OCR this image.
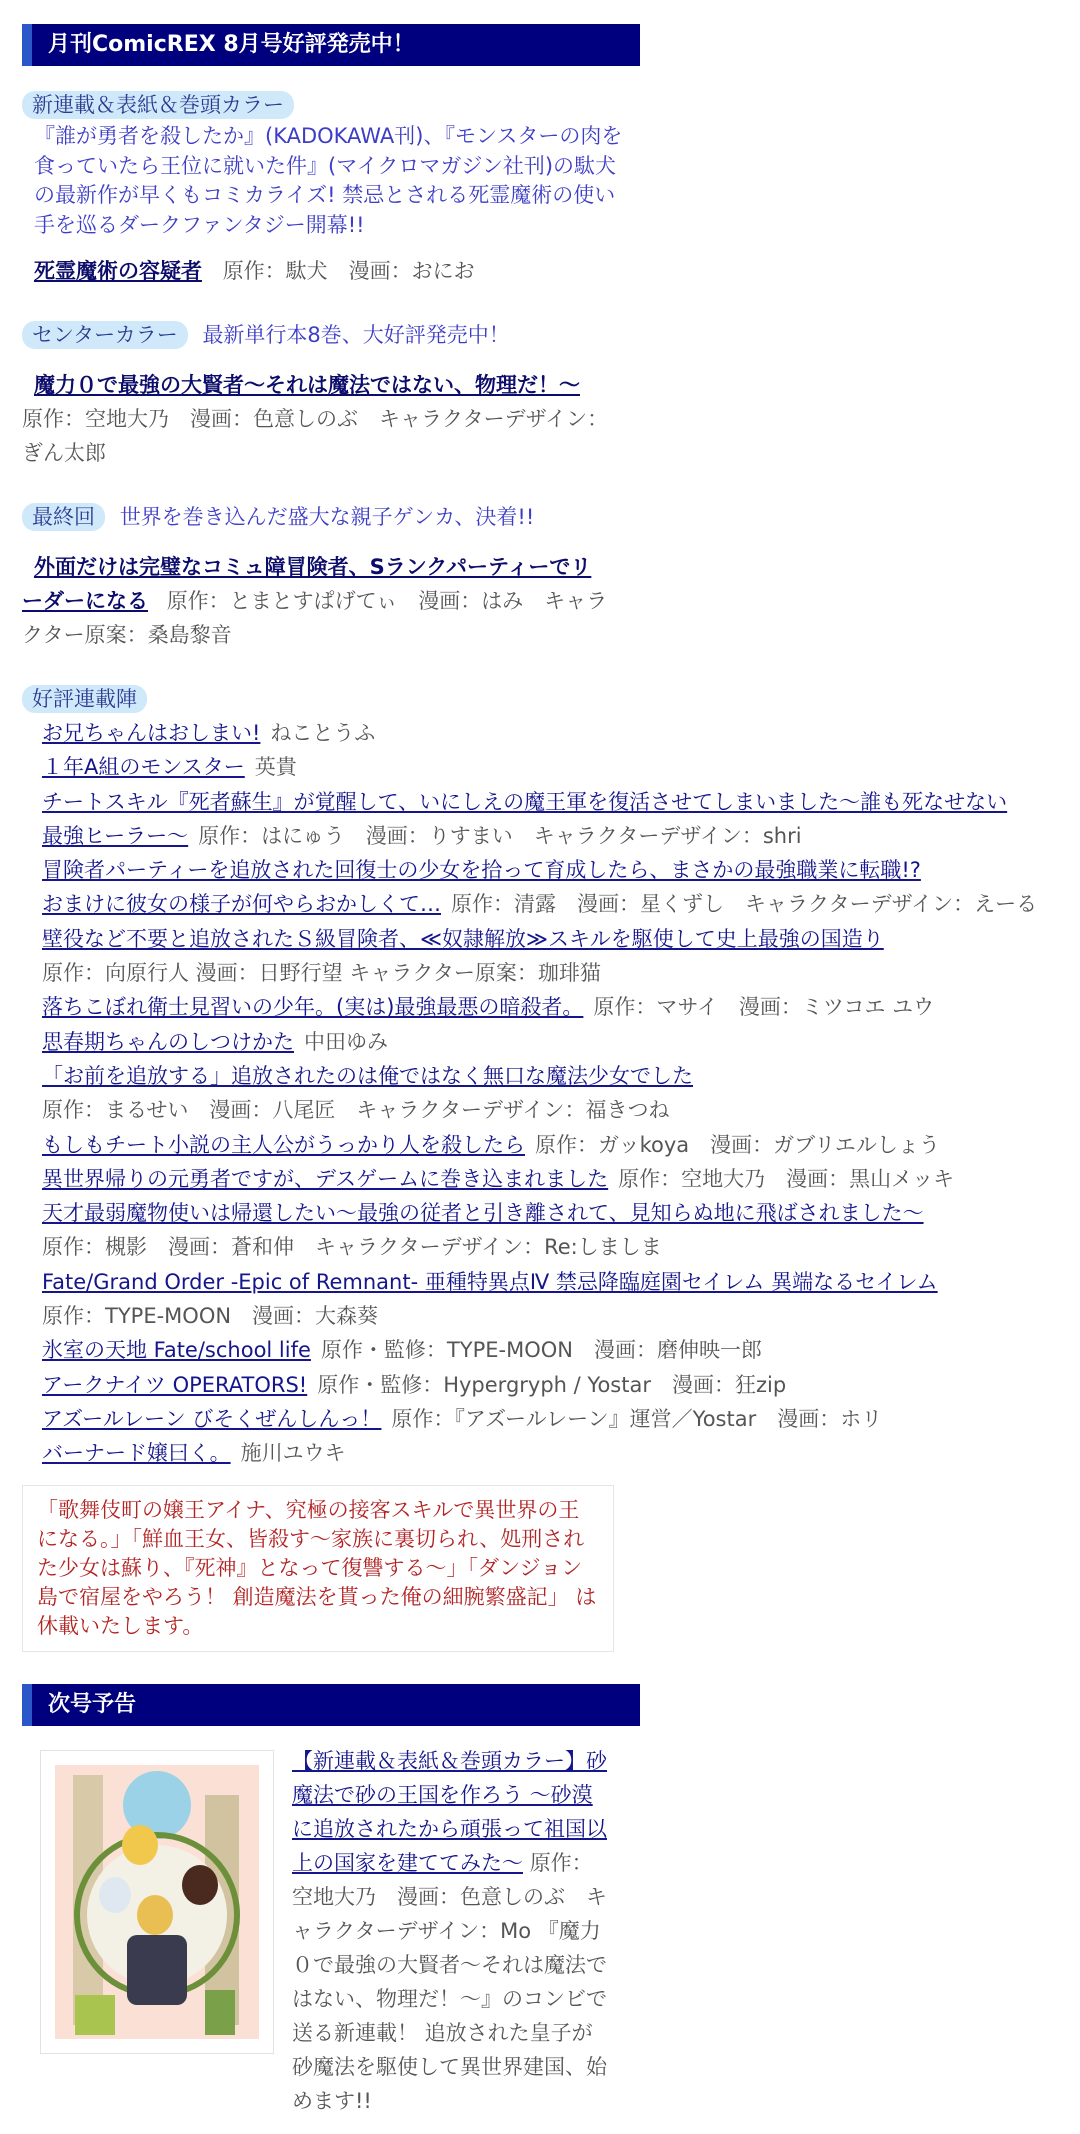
月刊ComicREX 8月号好評発売中！
新連載＆表紙＆巻頭カラー
『誰が勇者を殺したか』(KADOKAWA刊)、『モンスターの肉を食っていたら王位に就いた件』(マイクロマガジン社刊)の駄犬の最新作が早くもコミカライズ! 禁忌とされる死霊魔術の使い手を巡るダークファンタジー開幕!!
死霊魔術の容疑者 原作：駄犬　漫画：おにお
センターカラー 最新単行本8巻、大好評発売中！
魔力０で最強の大賢者～それは魔法ではない、物理だ！～
原作：空地大乃　漫画：色意しのぶ　キャラクターデザイン：ぎん太郎
最終回 世界を巻き込んだ盛大な親子ゲンカ、決着!!
外面だけは完璧なコミュ障冒険者、Sランクパーティーでリーダーになる 原作：とまとすぱげてぃ　漫画：はみ　キャラクター原案：桑島黎音
好評連載陣
お兄ちゃんはおしまい! ねことうふ
１年A組のモンスター 英貴
チートスキル『死者蘇生』が覚醒して、いにしえの魔王軍を復活させてしまいました～誰も死なせない
最強ヒーラー～ 原作：はにゅう　漫画：りすまい　キャラクターデザイン：shri
冒険者パーティーを追放された回復士の少女を拾って育成したら、まさかの最強職業に転職!?
おまけに彼女の様子が何やらおかしくて… 原作：清露　漫画：星くずし　キャラクターデザイン：えーる
壁役など不要と追放されたＳ級冒険者、≪奴隷解放≫スキルを駆使して史上最強の国造り
原作：向原行人 漫画：日野行望 キャラクター原案：珈琲猫
落ちこぼれ衛士見習いの少年。(実は)最強最悪の暗殺者。 原作：マサイ　漫画：ミツコエ ユウ
思春期ちゃんのしつけかた 中田ゆみ
「お前を追放する」追放されたのは俺ではなく無口な魔法少女でした
原作：まるせい　漫画：八尾匠　キャラクターデザイン：福きつね
もしもチート小説の主人公がうっかり人を殺したら 原作：ガッkoya　漫画：ガブリエルしょう
異世界帰りの元勇者ですが、デスゲームに巻き込まれました 原作：空地大乃　漫画：黒山メッキ
天才最弱魔物使いは帰還したい～最強の従者と引き離されて、見知らぬ地に飛ばされました～
原作：槻影　漫画：蒼和伸　キャラクターデザイン：Re:しましま
Fate/Grand Order -Epic of Remnant- 亜種特異点Ⅳ 禁忌降臨庭園セイレム 異端なるセイレム
原作：TYPE-MOON　漫画：大森葵
氷室の天地 Fate/school life 原作・監修：TYPE-MOON　漫画：磨伸映一郎
アークナイツ OPERATORS! 原作・監修：Hypergryph / Yostar　漫画：狂zip
アズールレーン びそくぜんしんっ！ 原作：『アズールレーン』運営／Yostar　漫画：ホリ
バーナード嬢曰く。 施川ユウキ
「歌舞伎町の嬢王アイナ、究極の接客スキルで異世界の王になる。」「鮮血王女、皆殺す～家族に裏切られ、処刑された少女は蘇り、『死神』となって復讐する～」「ダンジョン島で宿屋をやろう！ 創造魔法を貰った俺の細腕繁盛記」 は休載いたします。
次号予告
【新連載＆表紙＆巻頭カラー】砂魔法で砂の王国を作ろう ～砂漠に追放されたから頑張って祖国以上の国家を建ててみた～ 原作：空地大乃　漫画：色意しのぶ　キャラクターデザイン：Mo 『魔力０で最強の大賢者～それは魔法ではない、物理だ！～』のコンビで送る新連載！ 追放された皇子が砂魔法を駆使して異世界建国、始めます!!
